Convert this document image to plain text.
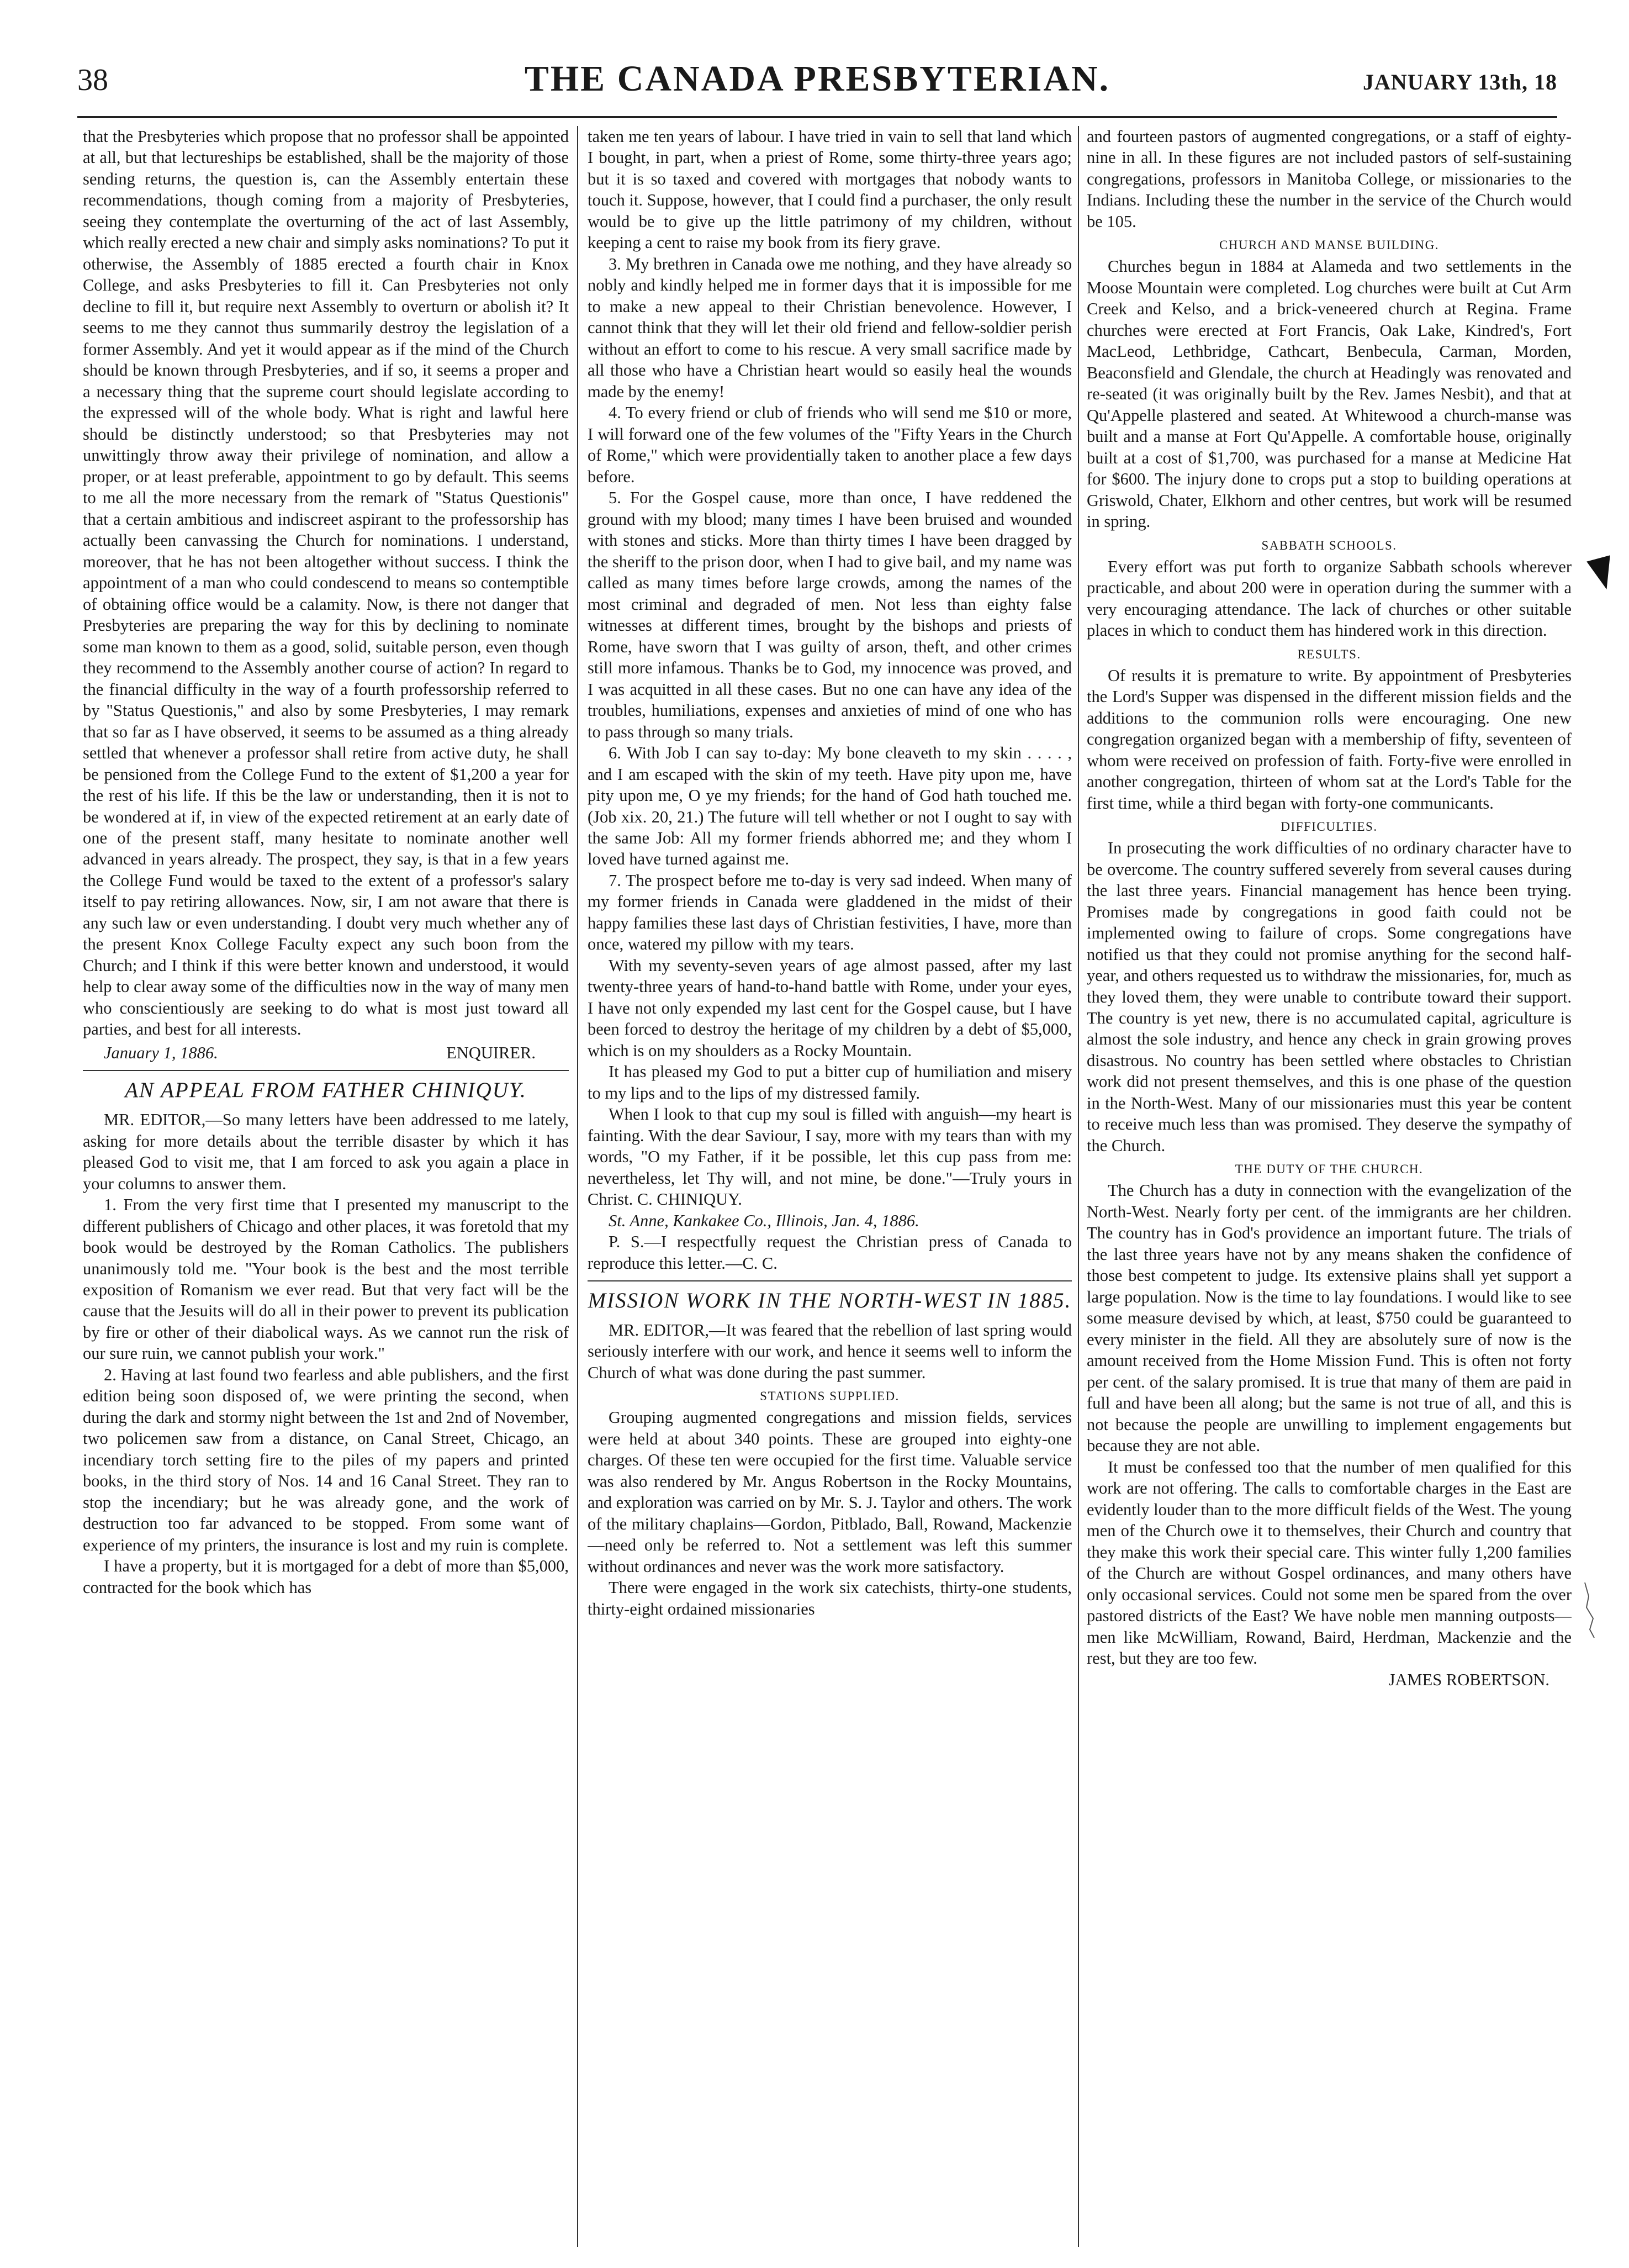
38	THE CANADA PRESBYTERIAN.	JANUARY 13th, 18

that the Presbyteries which propose that no professor shall be appointed at all, but that lectureships be established, shall be the majority of those sending returns, the question is, can the Assembly entertain these recommendations, though coming from a majority of Presbyteries, seeing they contemplate the overturning of the act of last Assembly, which really erected a new chair and simply asks nominations? To put it otherwise, the Assembly of 1885 erected a fourth chair in Knox College, and asks Presbyteries to fill it. Can Presbyteries not only decline to fill it, but require next Assembly to overturn or abolish it? It seems to me they cannot thus summarily destroy the legislation of a former Assembly. And yet it would appear as if the mind of the Church should be known through Presbyteries, and if so, it seems a proper and a necessary thing that the supreme court should legislate according to the expressed will of the whole body. What is right and lawful here should be distinctly understood; so that Presbyteries may not unwittingly throw away their privilege of nomination, and allow a proper, or at least preferable, appointment to go by default. This seems to me all the more necessary from the remark of "Status Questionis" that a certain ambitious and indiscreet aspirant to the professorship has actually been canvassing the Church for nominations. I understand, moreover, that he has not been altogether without success. I think the appointment of a man who could condescend to means so contemptible of obtaining office would be a calamity. Now, is there not danger that Presbyteries are preparing the way for this by declining to nominate some man known to them as a good, solid, suitable person, even though they recommend to the Assembly another course of action? In regard to the financial difficulty in the way of a fourth professorship referred to by "Status Questionis," and also by some Presbyteries, I may remark that so far as I have observed, it seems to be assumed as a thing already settled that whenever a professor shall retire from active duty, he shall be pensioned from the College Fund to the extent of $1,200 a year for the rest of his life. If this be the law or understanding, then it is not to be wondered at if, in view of the expected retirement at an early date of one of the present staff, many hesitate to nominate another well advanced in years already. The prospect, they say, is that in a few years the College Fund would be taxed to the extent of a professor's salary itself to pay retiring allowances. Now, sir, I am not aware that there is any such law or even understanding. I doubt very much whether any of the present Knox College Faculty expect any such boon from the Church; and I think if this were better known and understood, it would help to clear away some of the difficulties now in the way of many men who conscientiously are seeking to do what is most just toward all parties, and best for all interests.

January 1, 1886.	ENQUIRER.
AN APPEAL FROM FATHER CHINIQUY.

MR. EDITOR,—So many letters have been addressed to me lately, asking for more details about the terrible disaster by which it has pleased God to visit me, that I am forced to ask you again a place in your columns to answer them.

1. From the very first time that I presented my manuscript to the different publishers of Chicago and other places, it was foretold that my book would be destroyed by the Roman Catholics. The publishers unanimously told me. "Your book is the best and the most terrible exposition of Romanism we ever read. But that very fact will be the cause that the Jesuits will do all in their power to prevent its publication by fire or other of their diabolical ways. As we cannot run the risk of our sure ruin, we cannot publish your work."

2. Having at last found two fearless and able publishers, and the first edition being soon disposed of, we were printing the second, when during the dark and stormy night between the 1st and 2nd of November, two policemen saw from a distance, on Canal Street, Chicago, an incendiary torch setting fire to the piles of my papers and printed books, in the third story of Nos. 14 and 16 Canal Street. They ran to stop the incendiary; but he was already gone, and the work of destruction too far advanced to be stopped. From some want of experience of my printers, the insurance is lost and my ruin is complete.

I have a property, but it is mortgaged for a debt of more than $5,000, contracted for the book which has

taken me ten years of labour. I have tried in vain to sell that land which I bought, in part, when a priest of Rome, some thirty-three years ago; but it is so taxed and covered with mortgages that nobody wants to touch it. Suppose, however, that I could find a purchaser, the only result would be to give up the little patrimony of my children, without keeping a cent to raise my book from its fiery grave.

3. My brethren in Canada owe me nothing, and they have already so nobly and kindly helped me in former days that it is impossible for me to make a new appeal to their Christian benevolence. However, I cannot think that they will let their old friend and fellow-soldier perish without an effort to come to his rescue. A very small sacrifice made by all those who have a Christian heart would so easily heal the wounds made by the enemy!

4. To every friend or club of friends who will send me $10 or more, I will forward one of the few volumes of the "Fifty Years in the Church of Rome," which were providentially taken to another place a few days before.

5. For the Gospel cause, more than once, I have reddened the ground with my blood; many times I have been bruised and wounded with stones and sticks. More than thirty times I have been dragged by the sheriff to the prison door, when I had to give bail, and my name was called as many times before large crowds, among the names of the most criminal and degraded of men. Not less than eighty false witnesses at different times, brought by the bishops and priests of Rome, have sworn that I was guilty of arson, theft, and other crimes still more infamous. Thanks be to God, my innocence was proved, and I was acquitted in all these cases. But no one can have any idea of the troubles, humiliations, expenses and anxieties of mind of one who has to pass through so many trials.

6. With Job I can say to-day: My bone cleaveth to my skin . . . . , and I am escaped with the skin of my teeth. Have pity upon me, have pity upon me, O ye my friends; for the hand of God hath touched me. (Job xix. 20, 21.) The future will tell whether or not I ought to say with the same Job: All my former friends abhorred me; and they whom I loved have turned against me.

7. The prospect before me to-day is very sad indeed. When many of my former friends in Canada were gladdened in the midst of their happy families these last days of Christian festivities, I have, more than once, watered my pillow with my tears.

With my seventy-seven years of age almost passed, after my last twenty-three years of hand-to-hand battle with Rome, under your eyes, I have not only expended my last cent for the Gospel cause, but I have been forced to destroy the heritage of my children by a debt of $5,000, which is on my shoulders as a Rocky Mountain.

It has pleased my God to put a bitter cup of humiliation and misery to my lips and to the lips of my distressed family.

When I look to that cup my soul is filled with anguish—my heart is fainting. With the dear Saviour, I say, more with my tears than with my words, "O my Father, if it be possible, let this cup pass from me: nevertheless, let Thy will, and not mine, be done."—Truly yours in Christ. C. CHINIQUY.

St. Anne, Kankakee Co., Illinois, Jan. 4, 1886.

P. S.—I respectfully request the Christian press of Canada to reproduce this letter.—C. C.

MISSION WORK IN THE NORTH-WEST IN 1885.

MR. EDITOR,—It was feared that the rebellion of last spring would seriously interfere with our work, and hence it seems well to inform the Church of what was done during the past summer.

STATIONS SUPPLIED.

Grouping augmented congregations and mission fields, services were held at about 340 points. These are grouped into eighty-one charges. Of these ten were occupied for the first time. Valuable service was also rendered by Mr. Angus Robertson in the Rocky Mountains, and exploration was carried on by Mr. S. J. Taylor and others. The work of the military chaplains—Gordon, Pitblado, Ball, Rowand, Mackenzie—need only be referred to. Not a settlement was left this summer without ordinances and never was the work more satisfactory.

There were engaged in the work six catechists, thirty-one students, thirty-eight ordained missionaries

and fourteen pastors of augmented congregations, or a staff of eighty-nine in all. In these figures are not included pastors of self-sustaining congregations, professors in Manitoba College, or missionaries to the Indians. Including these the number in the service of the Church would be 105.

CHURCH AND MANSE BUILDING.

Churches begun in 1884 at Alameda and two settlements in the Moose Mountain were completed. Log churches were built at Cut Arm Creek and Kelso, and a brick-veneered church at Regina. Frame churches were erected at Fort Francis, Oak Lake, Kindred's, Fort MacLeod, Lethbridge, Cathcart, Benbecula, Carman, Morden, Beaconsfield and Glendale, the church at Headingly was renovated and re-seated (it was originally built by the Rev. James Nesbit), and that at Qu'Appelle plastered and seated. At Whitewood a church-manse was built and a manse at Fort Qu'Appelle. A comfortable house, originally built at a cost of $1,700, was purchased for a manse at Medicine Hat for $600. The injury done to crops put a stop to building operations at Griswold, Chater, Elkhorn and other centres, but work will be resumed in spring.

SABBATH SCHOOLS.

Every effort was put forth to organize Sabbath schools wherever practicable, and about 200 were in operation during the summer with a very encouraging attendance. The lack of churches or other suitable places in which to conduct them has hindered work in this direction.

RESULTS.

Of results it is premature to write. By appointment of Presbyteries the Lord's Supper was dispensed in the different mission fields and the additions to the communion rolls were encouraging. One new congregation organized began with a membership of fifty, seventeen of whom were received on profession of faith. Forty-five were enrolled in another congregation, thirteen of whom sat at the Lord's Table for the first time, while a third began with forty-one communicants.

DIFFICULTIES.

In prosecuting the work difficulties of no ordinary character have to be overcome. The country suffered severely from several causes during the last three years. Financial management has hence been trying. Promises made by congregations in good faith could not be implemented owing to failure of crops. Some congregations have notified us that they could not promise anything for the second half-year, and others requested us to withdraw the missionaries, for, much as they loved them, they were unable to contribute toward their support. The country is yet new, there is no accumulated capital, agriculture is almost the sole industry, and hence any check in grain growing proves disastrous. No country has been settled where obstacles to Christian work did not present themselves, and this is one phase of the question in the North-West. Many of our missionaries must this year be content to receive much less than was promised. They deserve the sympathy of the Church.

THE DUTY OF THE CHURCH.

The Church has a duty in connection with the evangelization of the North-West. Nearly forty per cent. of the immigrants are her children. The country has in God's providence an important future. The trials of the last three years have not by any means shaken the confidence of those best competent to judge. Its extensive plains shall yet support a large population. Now is the time to lay foundations. I would like to see some measure devised by which, at least, $750 could be guaranteed to every minister in the field. All they are absolutely sure of now is the amount received from the Home Mission Fund. This is often not forty per cent. of the salary promised. It is true that many of them are paid in full and have been all along; but the same is not true of all, and this is not because the people are unwilling to implement engagements but because they are not able.

It must be confessed too that the number of men qualified for this work are not offering. The calls to comfortable charges in the East are evidently louder than to the more difficult fields of the West. The young men of the Church owe it to themselves, their Church and country that they make this work their special care. This winter fully 1,200 families of the Church are without Gospel ordinances, and many others have only occasional services. Could not some men be spared from the over pastored districts of the East? We have noble men manning outposts—men like McWilliam, Rowand, Baird, Herdman, Mackenzie and the rest, but they are too few.

JAMES ROBERTSON.
